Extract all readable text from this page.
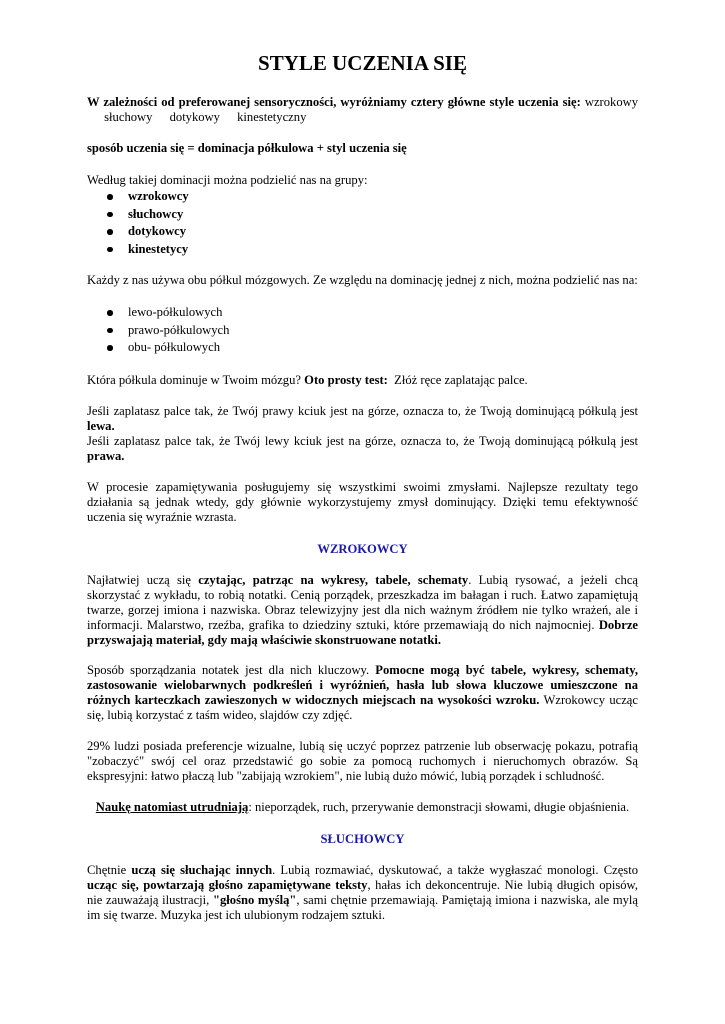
STYLE UCZENIA SIĘ
W zależności od preferowanej sensoryczności, wyróżniamy cztery główne style uczenia się: wzrokowy słuchowy dotykowy kinestetyczny
sposób uczenia się = dominacja półkulowa + styl uczenia się
Według takiej dominacji można podzielić nas na grupy:
wzrokowcy
słuchowcy
dotykowcy
kinestetycy
Każdy z nas używa obu półkul mózgowych. Ze względu na dominację jednej z nich, można podzielić nas na:
lewo-półkulowych
prawo-półkulowych
obu- półkulowych
Która półkula dominuje w Twoim mózgu? Oto prosty test: Złóż ręce zaplatając palce.
Jeśli zaplatasz palce tak, że Twój prawy kciuk jest na górze, oznacza to, że Twoją dominującą półkulą jest lewa.
Jeśli zaplatasz palce tak, że Twój lewy kciuk jest na górze, oznacza to, że Twoją dominującą półkulą jest prawa.
W procesie zapamiętywania posługujemy się wszystkimi swoimi zmysłami. Najlepsze rezultaty tego działania są jednak wtedy, gdy głównie wykorzystujemy zmysł dominujący. Dzięki temu efektywność uczenia się wyraźnie wzrasta.
WZROKOWCY
Najłatwiej uczą się czytając, patrząc na wykresy, tabele, schematy. Lubią rysować, a jeżeli chcą skorzystać z wykładu, to robią notatki. Cenią porządek, przeszkadza im bałagan i ruch. Łatwo zapamiętują twarze, gorzej imiona i nazwiska. Obraz telewizyjny jest dla nich ważnym źródłem nie tylko wrażeń, ale i informacji. Malarstwo, rzeźba, grafika to dziedziny sztuki, które przemawiają do nich najmocniej. Dobrze przyswajają materiał, gdy mają właściwie skonstruowane notatki.
Sposób sporządzania notatek jest dla nich kluczowy. Pomocne mogą być tabele, wykresy, schematy, zastosowanie wielobarwnych podkreśleń i wyróżnień, hasła lub słowa kluczowe umieszczone na różnych karteczkach zawieszonych w widocznych miejscach na wysokości wzroku. Wzrokowcy ucząc się, lubią korzystać z taśm wideo, slajdów czy zdjęć.
29% ludzi posiada preferencje wizualne, lubią się uczyć poprzez patrzenie lub obserwację pokazu, potrafią "zobaczyć" swój cel oraz przedstawić go sobie za pomocą ruchomych i nieruchomych obrazów. Są ekspresyjni: łatwo płaczą lub "zabijają wzrokiem", nie lubią dużo mówić, lubią porządek i schludność.
Naukę natomiast utrudniają: nieporządek, ruch, przerywanie demonstracji słowami, długie objaśnienia.
SŁUCHOWCY
Chętnie uczą się słuchając innych. Lubią rozmawiać, dyskutować, a także wygłaszać monologi. Często ucząc się, powtarzają głośno zapamiętywane teksty, hałas ich dekoncentruje. Nie lubią długich opisów, nie zauważają ilustracji, "głośno myślą", sami chętnie przemawiają. Pamiętają imiona i nazwiska, ale mylą im się twarze. Muzyka jest ich ulubionym rodzajem sztuki.
